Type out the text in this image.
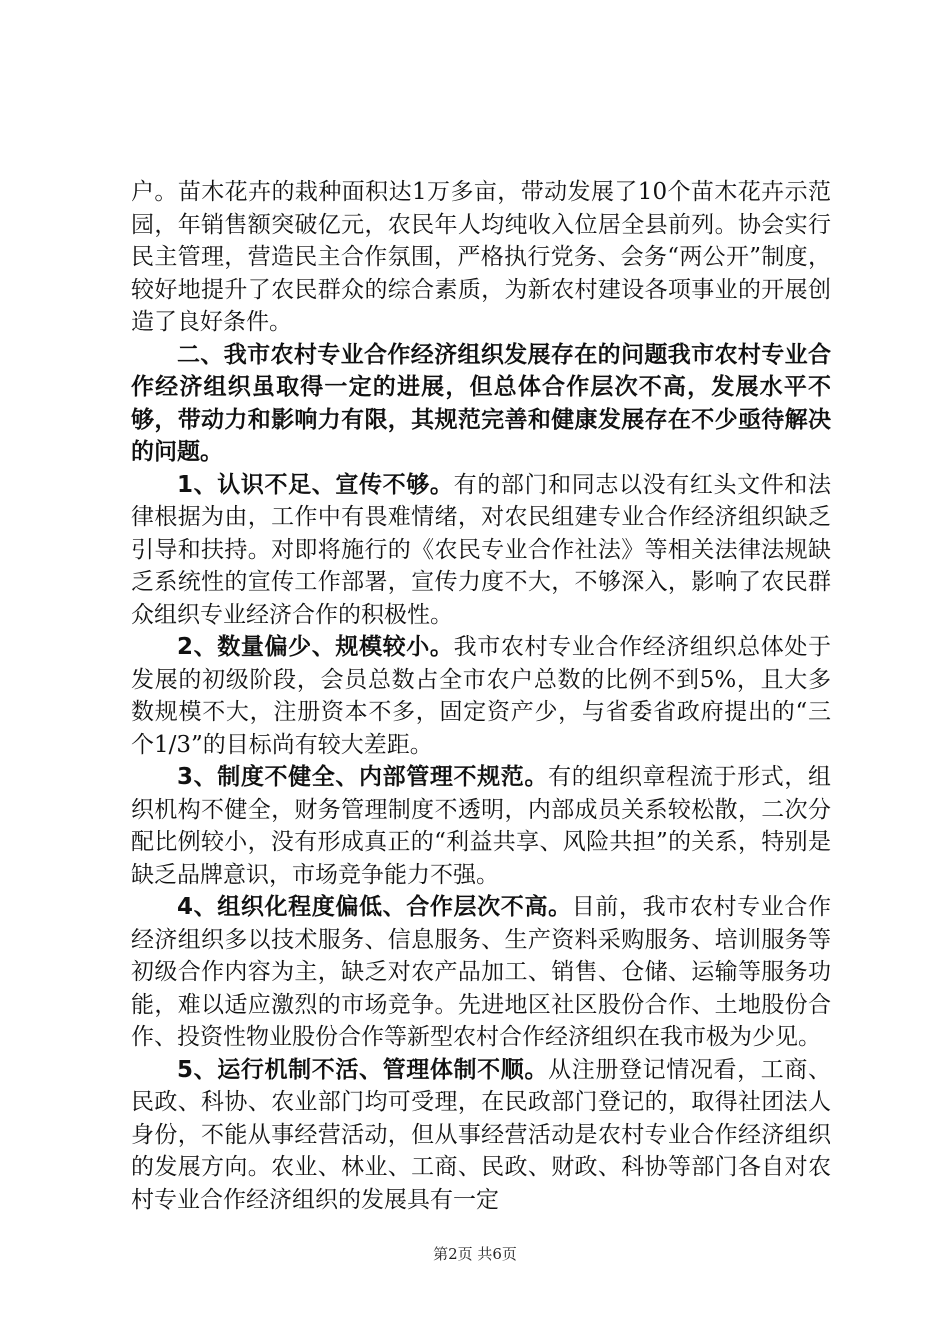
户。苗木花卉的栽种面积达1万多亩，带动发展了10个苗木花卉示范园，年销售额突破亿元，农民年人均纯收入位居全县前列。协会实行民主管理，营造民主合作氛围，严格执行党务、会务“两公开”制度，较好地提升了农民群众的综合素质，为新农村建设各项事业的开展创造了良好条件。

二、我市农村专业合作经济组织发展存在的问题我市农村专业合作经济组织虽取得一定的进展，但总体合作层次不高，发展水平不够，带动力和影响力有限，其规范完善和健康发展存在不少亟待解决的问题。

1、认识不足、宣传不够。有的部门和同志以没有红头文件和法律根据为由，工作中有畏难情绪，对农民组建专业合作经济组织缺乏引导和扶持。对即将施行的《农民专业合作社法》等相关法律法规缺乏系统性的宣传工作部署，宣传力度不大，不够深入，影响了农民群众组织专业经济合作的积极性。

2、数量偏少、规模较小。我市农村专业合作经济组织总体处于发展的初级阶段，会员总数占全市农户总数的比例不到5%，且大多数规模不大，注册资本不多，固定资产少，与省委省政府提出的“三个1/3”的目标尚有较大差距。

3、制度不健全、内部管理不规范。有的组织章程流于形式，组织机构不健全，财务管理制度不透明，内部成员关系较松散，二次分配比例较小，没有形成真正的“利益共享、风险共担”的关系，特别是缺乏品牌意识，市场竞争能力不强。

4、组织化程度偏低、合作层次不高。目前，我市农村专业合作经济组织多以技术服务、信息服务、生产资料采购服务、培训服务等初级合作内容为主，缺乏对农产品加工、销售、仓储、运输等服务功能，难以适应激烈的市场竞争。先进地区社区股份合作、土地股份合作、投资性物业股份合作等新型农村合作经济组织在我市极为少见。

5、运行机制不活、管理体制不顺。从注册登记情况看，工商、民政、科协、农业部门均可受理，在民政部门登记的，取得社团法人身份，不能从事经营活动，但从事经营活动是农村专业合作经济组织的发展方向。农业、林业、工商、民政、财政、科协等部门各自对农村专业合作经济组织的发展具有一定

第2页 共6页
